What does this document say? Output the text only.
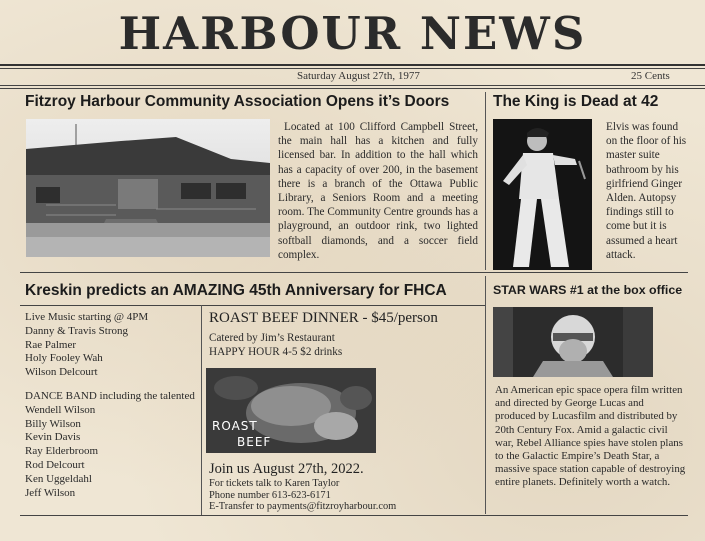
HARBOUR NEWS
Saturday August 27th, 1977	25 Cents
Fitzroy Harbour Community Association Opens it’s Doors
Located at 100 Clifford Campbell Street, the main hall has a kitchen and fully licensed bar. In addition to the hall which has a capacity of over 200, in the basement there is a branch of the Ottawa Public Library, a Seniors Room and a meeting room. The Community Centre grounds has a playground, an outdoor rink, two lighted softball diamonds, and a soccer field complex.
The King is Dead at 42
Elvis was found on the floor of his master suite bathroom by his girlfriend Ginger Alden. Autopsy findings still to come but it is assumed a heart attack.
Kreskin predicts an AMAZING 45th Anniversary for FHCA	STAR WARS #1 at the box office
Live Music starting @ 4PM
Danny & Travis Strong
Rae Palmer
Holy Fooley Wah
Wilson Delcourt
DANCE BAND including the talented
Wendell Wilson
Billy Wilson
Kevin Davis
Ray Elderbroom
Rod Delcourt
Ken Uggeldahl
Jeff Wilson
ROAST BEEF DINNER - $45/person
Catered by Jim’s Restaurant
HAPPY HOUR 4-5 $2 drinks
ROAST
BEEF
Join us August 27th, 2022.
For tickets talk to Karen Taylor
Phone number 613-623-6171
E-Transfer to payments@fitzroyharbour.com
An American epic space opera film written and directed by George Lucas and produced by Lucasfilm and distributed by 20th Century Fox. Amid a galactic civil war, Rebel Alliance spies have stolen plans to the Galactic Empire’s Death Star, a massive space station capable of destroying entire planets. Definitely worth a watch.
